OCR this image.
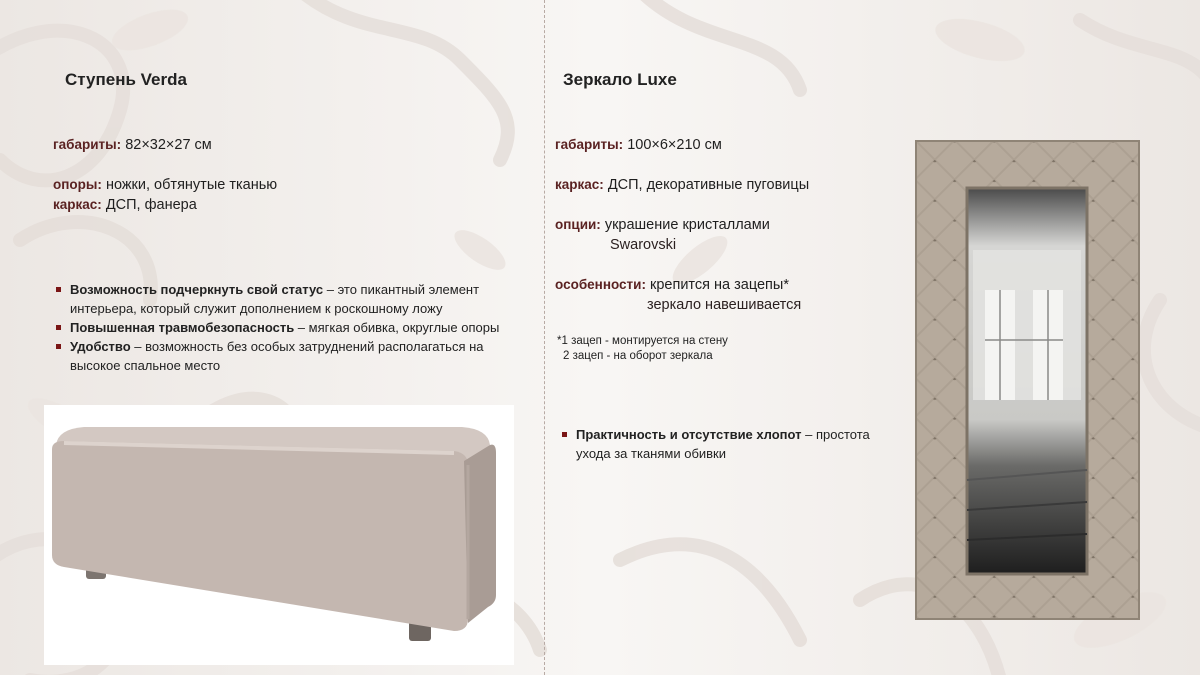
Ступень Verda
габариты: 82×32×27 см
опоры: ножки, обтянутые тканью
каркас: ДСП, фанера
Возможность подчеркнуть свой статус – это пикантный элемент интерьера, который служит дополнением к роскошному ложу
Повышенная травмобезопасность – мягкая обивка, округлые опоры
Удобство – возможность без особых затруднений располагаться на высокое спальное место
Зеркало Luxe
габариты: 100×6×210 см
каркас: ДСП, декоративные пуговицы
опции: украшение кристаллами
Swarovski
особенности: крепится на зацепы*
зеркало навешивается
*1 зацеп - монтируется на стену
2 зацеп - на оборот зеркала
Практичность и отсутствие хлопот – простота ухода за тканями обивки
